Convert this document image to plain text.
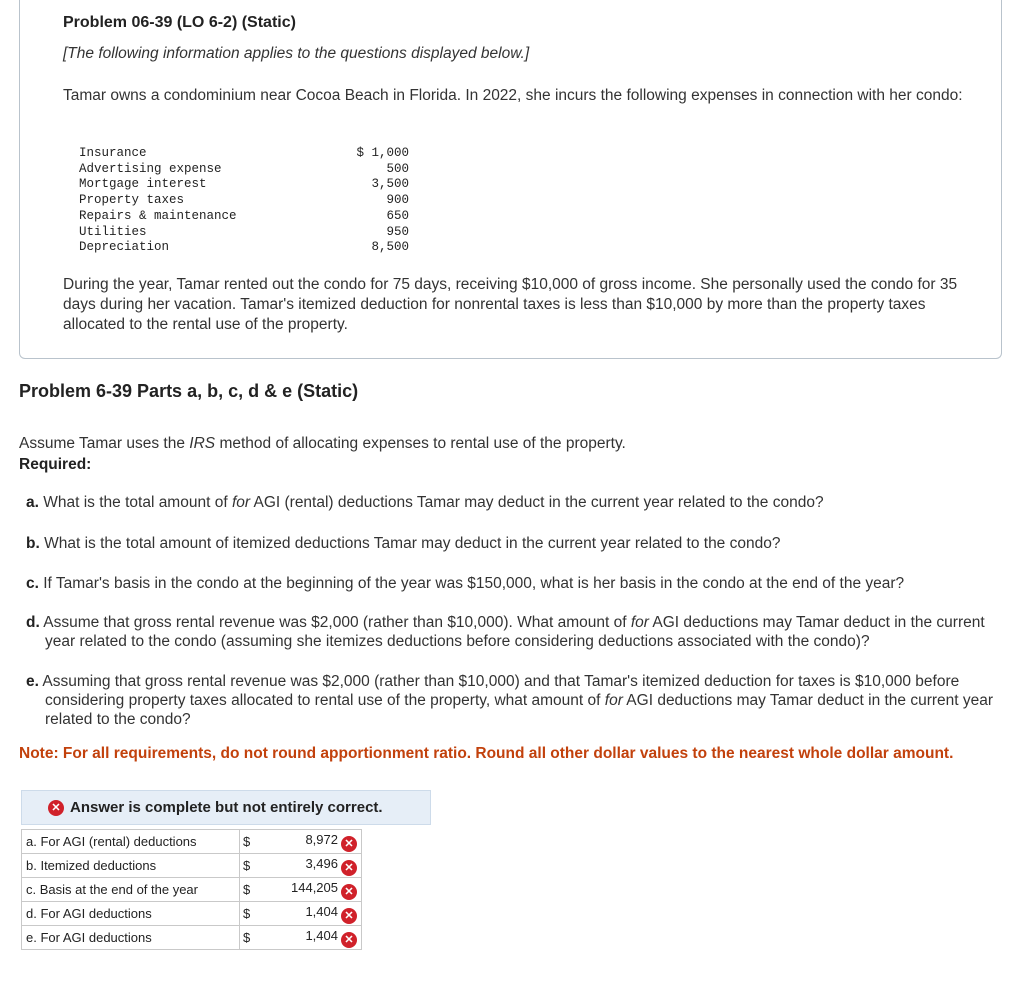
Problem 06-39 (LO 6-2) (Static)
[The following information applies to the questions displayed below.]
Tamar owns a condominium near Cocoa Beach in Florida. In 2022, she incurs the following expenses in connection with her condo:
Insurance	$ 1,000
Advertising expense	500
Mortgage interest	3,500
Property taxes	900
Repairs & maintenance	650
Utilities	950
Depreciation	8,500
During the year, Tamar rented out the condo for 75 days, receiving $10,000 of gross income. She personally used the condo for 35 days during her vacation. Tamar's itemized deduction for nonrental taxes is less than $10,000 by more than the property taxes allocated to the rental use of the property.
Problem 6-39 Parts a, b, c, d & e (Static)
Assume Tamar uses the IRS method of allocating expenses to rental use of the property.
Required:
a. What is the total amount of for AGI (rental) deductions Tamar may deduct in the current year related to the condo?
b. What is the total amount of itemized deductions Tamar may deduct in the current year related to the condo?
c. If Tamar's basis in the condo at the beginning of the year was $150,000, what is her basis in the condo at the end of the year?
d. Assume that gross rental revenue was $2,000 (rather than $10,000). What amount of for AGI deductions may Tamar deduct in the current year related to the condo (assuming she itemizes deductions before considering deductions associated with the condo)?
e. Assuming that gross rental revenue was $2,000 (rather than $10,000) and that Tamar's itemized deduction for taxes is $10,000 before considering property taxes allocated to rental use of the property, what amount of for AGI deductions may Tamar deduct in the current year related to the condo?
Note: For all requirements, do not round apportionment ratio. Round all other dollar values to the nearest whole dollar amount.
✕ Answer is complete but not entirely correct.
a. For AGI (rental) deductions	$	8,972 ✕
b. Itemized deductions	$	3,496 ✕
c. Basis at the end of the year	$	144,205 ✕
d. For AGI deductions	$	1,404 ✕
e. For AGI deductions	$	1,404 ✕
